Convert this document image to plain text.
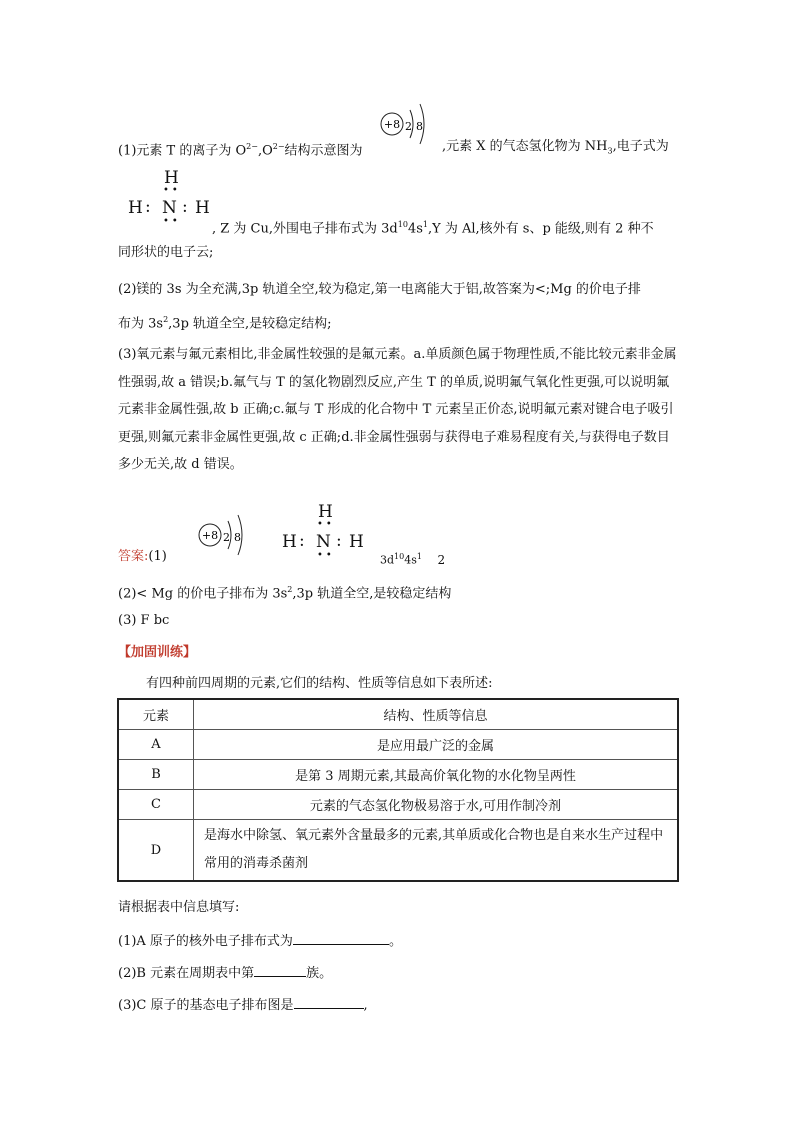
(1)元素 T 的离子为 $O^{2-},O^{2-}$结构示意图为
+8 2 8
,元素 X 的气态氢化物为 $NH_3$,电子式为
H
••
H : N : H
•• , Z 为 Cu,外围电子排布式为 $3d^{10}4s^1,Y$ 为 Al,核外有 s、p 能级,则有 2 种不
同形状的电子云;
(2)镁的 3s 为全充满,3p 轨道全空,较为稳定,第一电离能大于铝,故答案为<;Mg 的价电子排
布为 $3s^2,3p$ 轨道全空,是较稳定结构;
(3)氧元素与氟元素相比,非金属性较强的是氟元素。a.单质颜色属于物理性质,不能比较元素非金属性强弱,故 a 错误;b.氟气与 T 的氢化物剧烈反应,产生 T 的单质,说明氟气氧化性更强,可以说明氟元素非金属性强,故 b 正确;c.氟与 T 形成的化合物中 T 元素呈正价态,说明氟元素对键合电子吸引更强,则氟元素非金属性更强,故 c 正确;d.非金属性强弱与获得电子难易程度有关,与获得电子数目多少无关,故 d 错误。
+8 2 8
H
••
H : N : H
••
答案:(1)	$3d^{10}4s^1$ 2
(2)< Mg 的价电子排布为 $3s^2,3p$ 轨道全空,是较稳定结构
(3) F bc
【加固训练】
有四种前四周期的元素,它们的结构、性质等信息如下表所述:
元素	结构、性质等信息
A	是应用最广泛的金属
B	是第 3 周期元素,其最高价氧化物的水化物呈两性
C	元素的气态氢化物极易溶于水,可用作制冷剂
D	是海水中除氢、氧元素外含量最多的元素,其单质或化合物也是自来水生产过程中常用的消毒杀菌剂
请根据表中信息填写:
(1)A 原子的核外电子排布式为	。
(2)B 元素在周期表中第	族。
(3)C 原子的基态电子排布图是	,
